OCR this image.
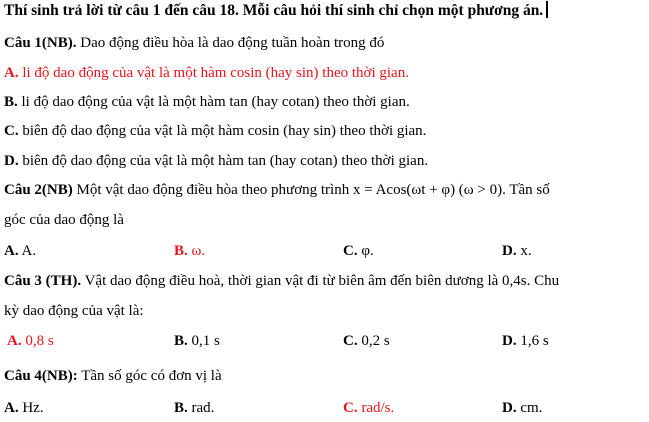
Thí sinh trả lời từ câu 1 đến câu 18. Mỗi câu hỏi thí sinh chỉ chọn một phương án.
Câu 1(NB). Dao động điều hòa là dao động tuần hoàn trong đó
A. li độ dao động của vật là một hàm cosin (hay sin) theo thời gian.
B. li độ dao động của vật là một hàm tan (hay cotan) theo thời gian.
C. biên độ dao động của vật là một hàm cosin (hay sin) theo thời gian.
D. biên độ dao động của vật là một hàm tan (hay cotan) theo thời gian.
Câu 2(NB) Một vật dao động điều hòa theo phương trình x = Acos(ωt + φ) (ω > 0). Tần số
góc của dao động là
A. A.	B. ω.	C. φ.	D. x.
Câu 3 (TH). Vật dao động điều hoà, thời gian vật đi từ biên âm đến biên dương là 0,4s. Chu
kỳ dao động của vật là:
A. 0,8 s	B. 0,1 s	C. 0,2 s	D. 1,6 s
Câu 4(NB): Tần số góc có đơn vị là
A. Hz.	B. rad.	C. rad/s.	D. cm.
